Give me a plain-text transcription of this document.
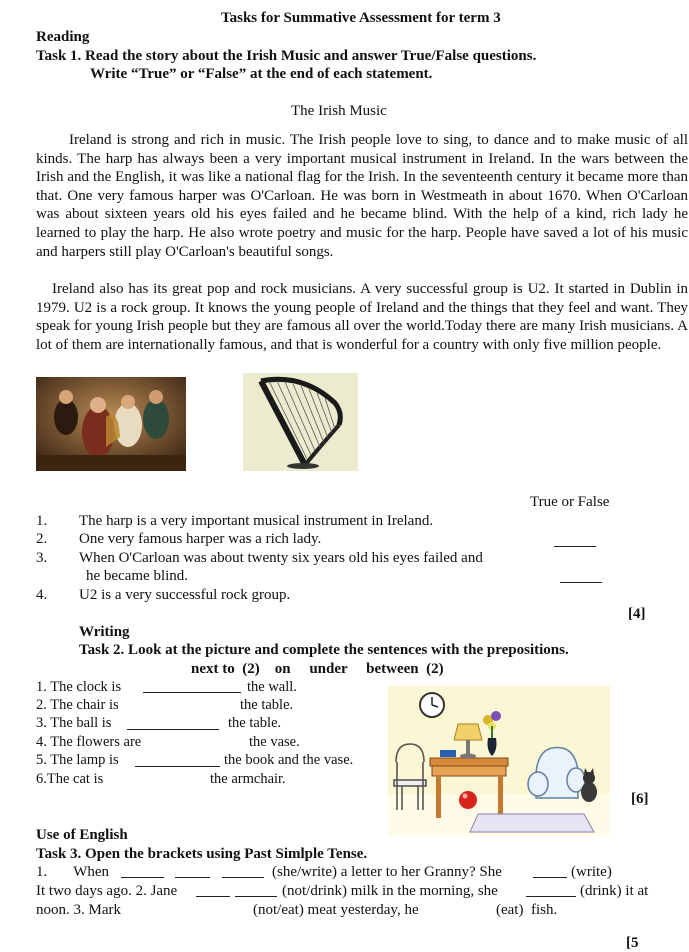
Tasks for Summative Assessment for term 3
Reading
Task 1. Read the story about the Irish Music and answer True/False questions.
Write “True” or “False” at the end of each statement.
The Irish Music
Ireland is strong and rich in music. The Irish people love to sing, to dance and to make music of all kinds. The harp has always been a very important musical instrument in Ireland. In the wars between the Irish and the English, it was like a national flag for the Irish. In the seventeenth century it became more than that. One very famous harper was O'Carloan. He was born in Westmeath in about 1670. When O'Carloan was about sixteen years old his eyes failed and he became blind. With the help of a kind, rich lady he learned to play the harp. He also wrote poetry and music for the harp. People have saved a lot of his music and harpers still play O'Carloan's beautiful songs.
Ireland also has its great pop and rock musicians. A very successful group is U2. It started in Dublin in 1979. U2 is a rock group. It knows the young people of Ireland and the things that they feel and want. They speak for young Irish people but they are famous all over the world.Today there are many Irish musicians. A lot of them are internationally famous, and that is wonderful for a country with only five million people.
True or False
1. The harp is a very important musical instrument in Ireland.
2. One very famous harper was a rich lady.
3. When O'Carloan was about twenty six years old his eyes failed and
he became blind.
4. U2 is a very successful rock group.
[4]
Writing
Task 2. Look at the picture and complete the sentences with the prepositions.
next to  (2)    on     under     between  (2)
1. The clock is	the wall.
2. The chair is	the table.
3. The ball is	the table.
4. The flowers are	the vase.
5. The lamp is	the book and the vase.
6.The cat is	the armchair.
[6]
Use of English
Task 3. Open the brackets using Past Simlple Tense.
1.       When	(she/write) a letter to her Granny? She	(write)
It two days ago. 2. Jane	(not/drink) milk in the morning, she	(drink) it at
noon. 3. Mark	(not/eat) meat yesterday, he	(eat)  fish.
[5
